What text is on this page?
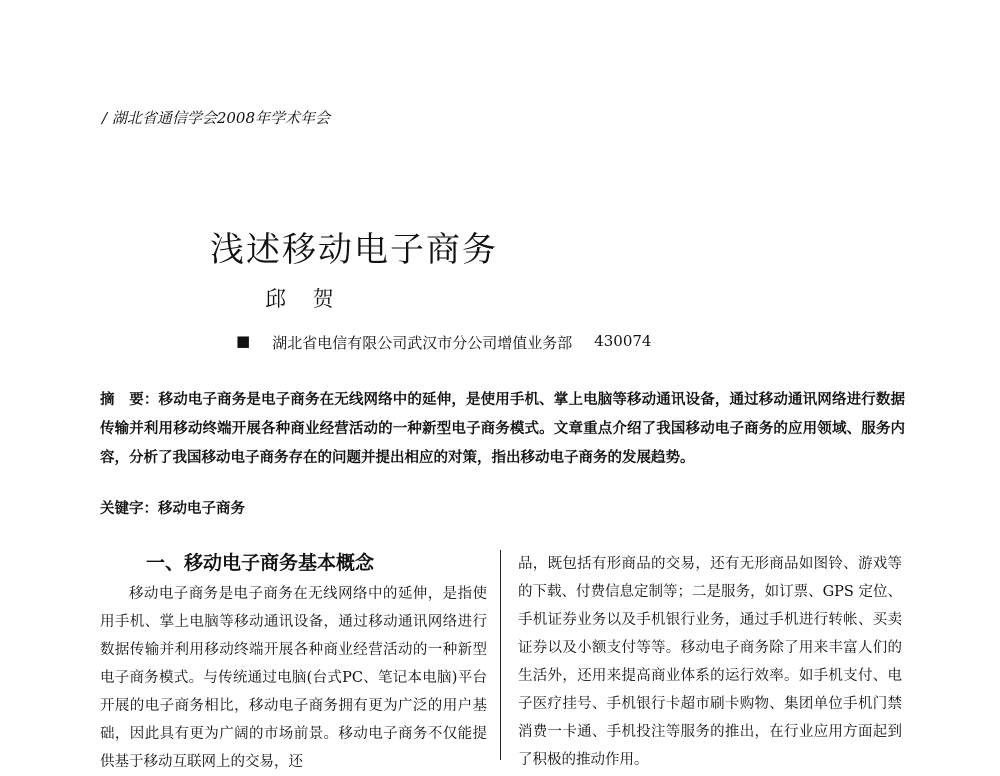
/ 湖北省通信学会2008年学术年会
浅述移动电子商务
邱 贺
■ 湖北省电信有限公司武汉市分公司增值业务部 430074
摘　要：移动电子商务是电子商务在无线网络中的延伸，是使用手机、掌上电脑等移动通讯设备，通过移动通讯网络进行数据传输并利用移动终端开展各种商业经营活动的一种新型电子商务模式。文章重点介绍了我国移动电子商务的应用领域、服务内容，分析了我国移动电子商务存在的问题并提出相应的对策，指出移动电子商务的发展趋势。
关键字：移动电子商务
一、移动电子商务基本概念

移动电子商务是电子商务在无线网络中的延伸，是指使用手机、掌上电脑等移动通讯设备，通过移动通讯网络进行数据传输并利用移动终端开展各种商业经营活动的一种新型电子商务模式。与传统通过电脑(台式PC、笔记本电脑)平台开展的电子商务相比，移动电子商务拥有更为广泛的用户基础，因此具有更为广阔的市场前景。移动电子商务不仅能提供基于移动互联网上的交易，还

品，既包括有形商品的交易，还有无形商品如图铃、游戏等的下载、付费信息定制等；二是服务，如订票、GPS 定位、手机证券业务以及手机银行业务，通过手机进行转帐、买卖证券以及小额支付等等。移动电子商务除了用来丰富人们的生活外，还用来提高商业体系的运行效率。如手机支付、电子医疗挂号、手机银行卡超市刷卡购物、集团单位手机门禁消费一卡通、手机投注等服务的推出，在行业应用方面起到了积极的推动作用。
